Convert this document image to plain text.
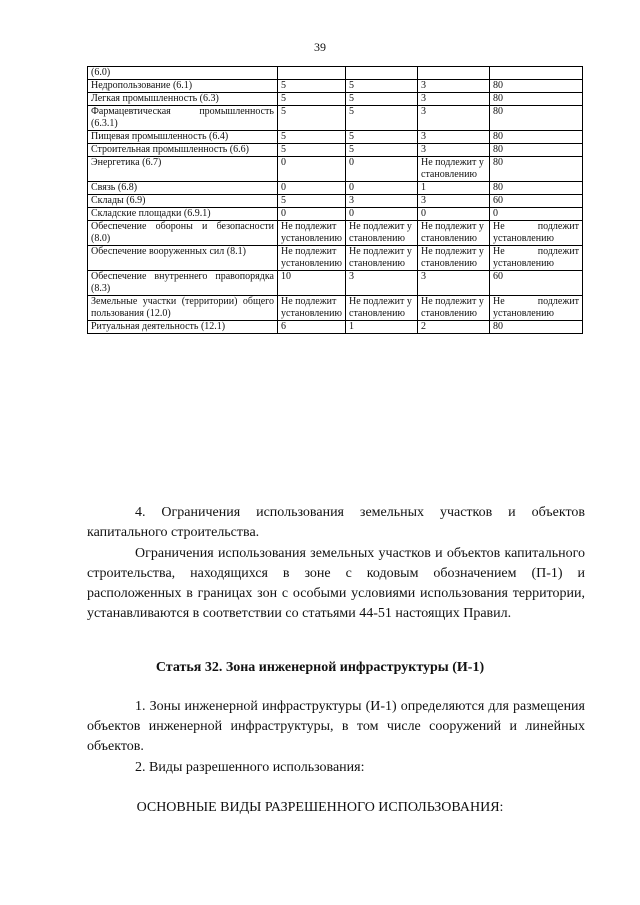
39
(6.0)				
Недропользование (6.1)	5	5	3	80
Легкая промышленность (6.3)	5	5	3	80
Фармацевтическая промышленность (6.3.1)	5	5	3	80
Пищевая промышленность (6.4)	5	5	3	80
Строительная промышленность (6.6)	5	5	3	80
Энергетика (6.7)	0	0	Не подлежит установлению	80
Связь (6.8)	0	0	1	80
Склады (6.9)	5	3	3	60
Складские площадки (6.9.1)	0	0	0	0
Обеспечение обороны и безопасности (8.0)	Не подлежит установлению	Не подлежит установлению	Не подлежит установлению	Не подлежит установлению
Обеспечение вооруженных сил (8.1)	Не подлежит установлению	Не подлежит установлению	Не подлежит установлению	Не подлежит установлению
Обеспечение внутреннего правопорядка (8.3)	10	3	3	60
Земельные участки (территории) общего пользования (12.0)	Не подлежит установлению	Не подлежит установлению	Не подлежит установлению	Не подлежит установлению
Ритуальная деятельность (12.1)	6	1	2	80

4. Ограничения использования земельных участков и объектов капитального строительства.

Ограничения использования земельных участков и объектов капитального строительства, находящихся в зоне с кодовым обозначением (П-1) и расположенных в границах зон с особыми условиями использования территории, устанавливаются в соответствии со статьями 44-51 настоящих Правил.

Статья 32. Зона инженерной инфраструктуры (И-1)

1. Зоны инженерной инфраструктуры (И-1) определяются для размещения объектов инженерной инфраструктуры, в том числе сооружений и линейных объектов.

2. Виды разрешенного использования:

ОСНОВНЫЕ ВИДЫ РАЗРЕШЕННОГО ИСПОЛЬЗОВАНИЯ:
